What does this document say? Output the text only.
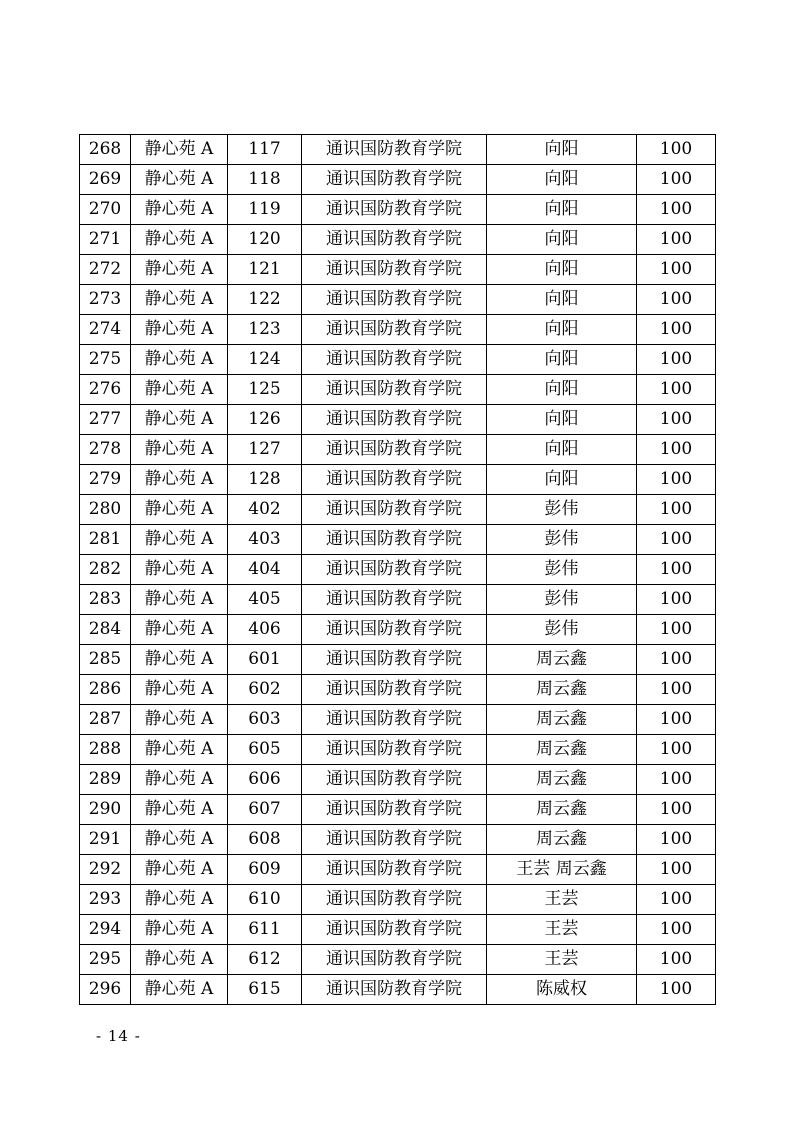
268	静心苑 A	117	通识国防教育学院	向阳	100
269	静心苑 A	118	通识国防教育学院	向阳	100
270	静心苑 A	119	通识国防教育学院	向阳	100
271	静心苑 A	120	通识国防教育学院	向阳	100
272	静心苑 A	121	通识国防教育学院	向阳	100
273	静心苑 A	122	通识国防教育学院	向阳	100
274	静心苑 A	123	通识国防教育学院	向阳	100
275	静心苑 A	124	通识国防教育学院	向阳	100
276	静心苑 A	125	通识国防教育学院	向阳	100
277	静心苑 A	126	通识国防教育学院	向阳	100
278	静心苑 A	127	通识国防教育学院	向阳	100
279	静心苑 A	128	通识国防教育学院	向阳	100
280	静心苑 A	402	通识国防教育学院	彭伟	100
281	静心苑 A	403	通识国防教育学院	彭伟	100
282	静心苑 A	404	通识国防教育学院	彭伟	100
283	静心苑 A	405	通识国防教育学院	彭伟	100
284	静心苑 A	406	通识国防教育学院	彭伟	100
285	静心苑 A	601	通识国防教育学院	周云鑫	100
286	静心苑 A	602	通识国防教育学院	周云鑫	100
287	静心苑 A	603	通识国防教育学院	周云鑫	100
288	静心苑 A	605	通识国防教育学院	周云鑫	100
289	静心苑 A	606	通识国防教育学院	周云鑫	100
290	静心苑 A	607	通识国防教育学院	周云鑫	100
291	静心苑 A	608	通识国防教育学院	周云鑫	100
292	静心苑 A	609	通识国防教育学院	王芸 周云鑫	100
293	静心苑 A	610	通识国防教育学院	王芸	100
294	静心苑 A	611	通识国防教育学院	王芸	100
295	静心苑 A	612	通识国防教育学院	王芸	100
296	静心苑 A	615	通识国防教育学院	陈威权	100
- 14 -
